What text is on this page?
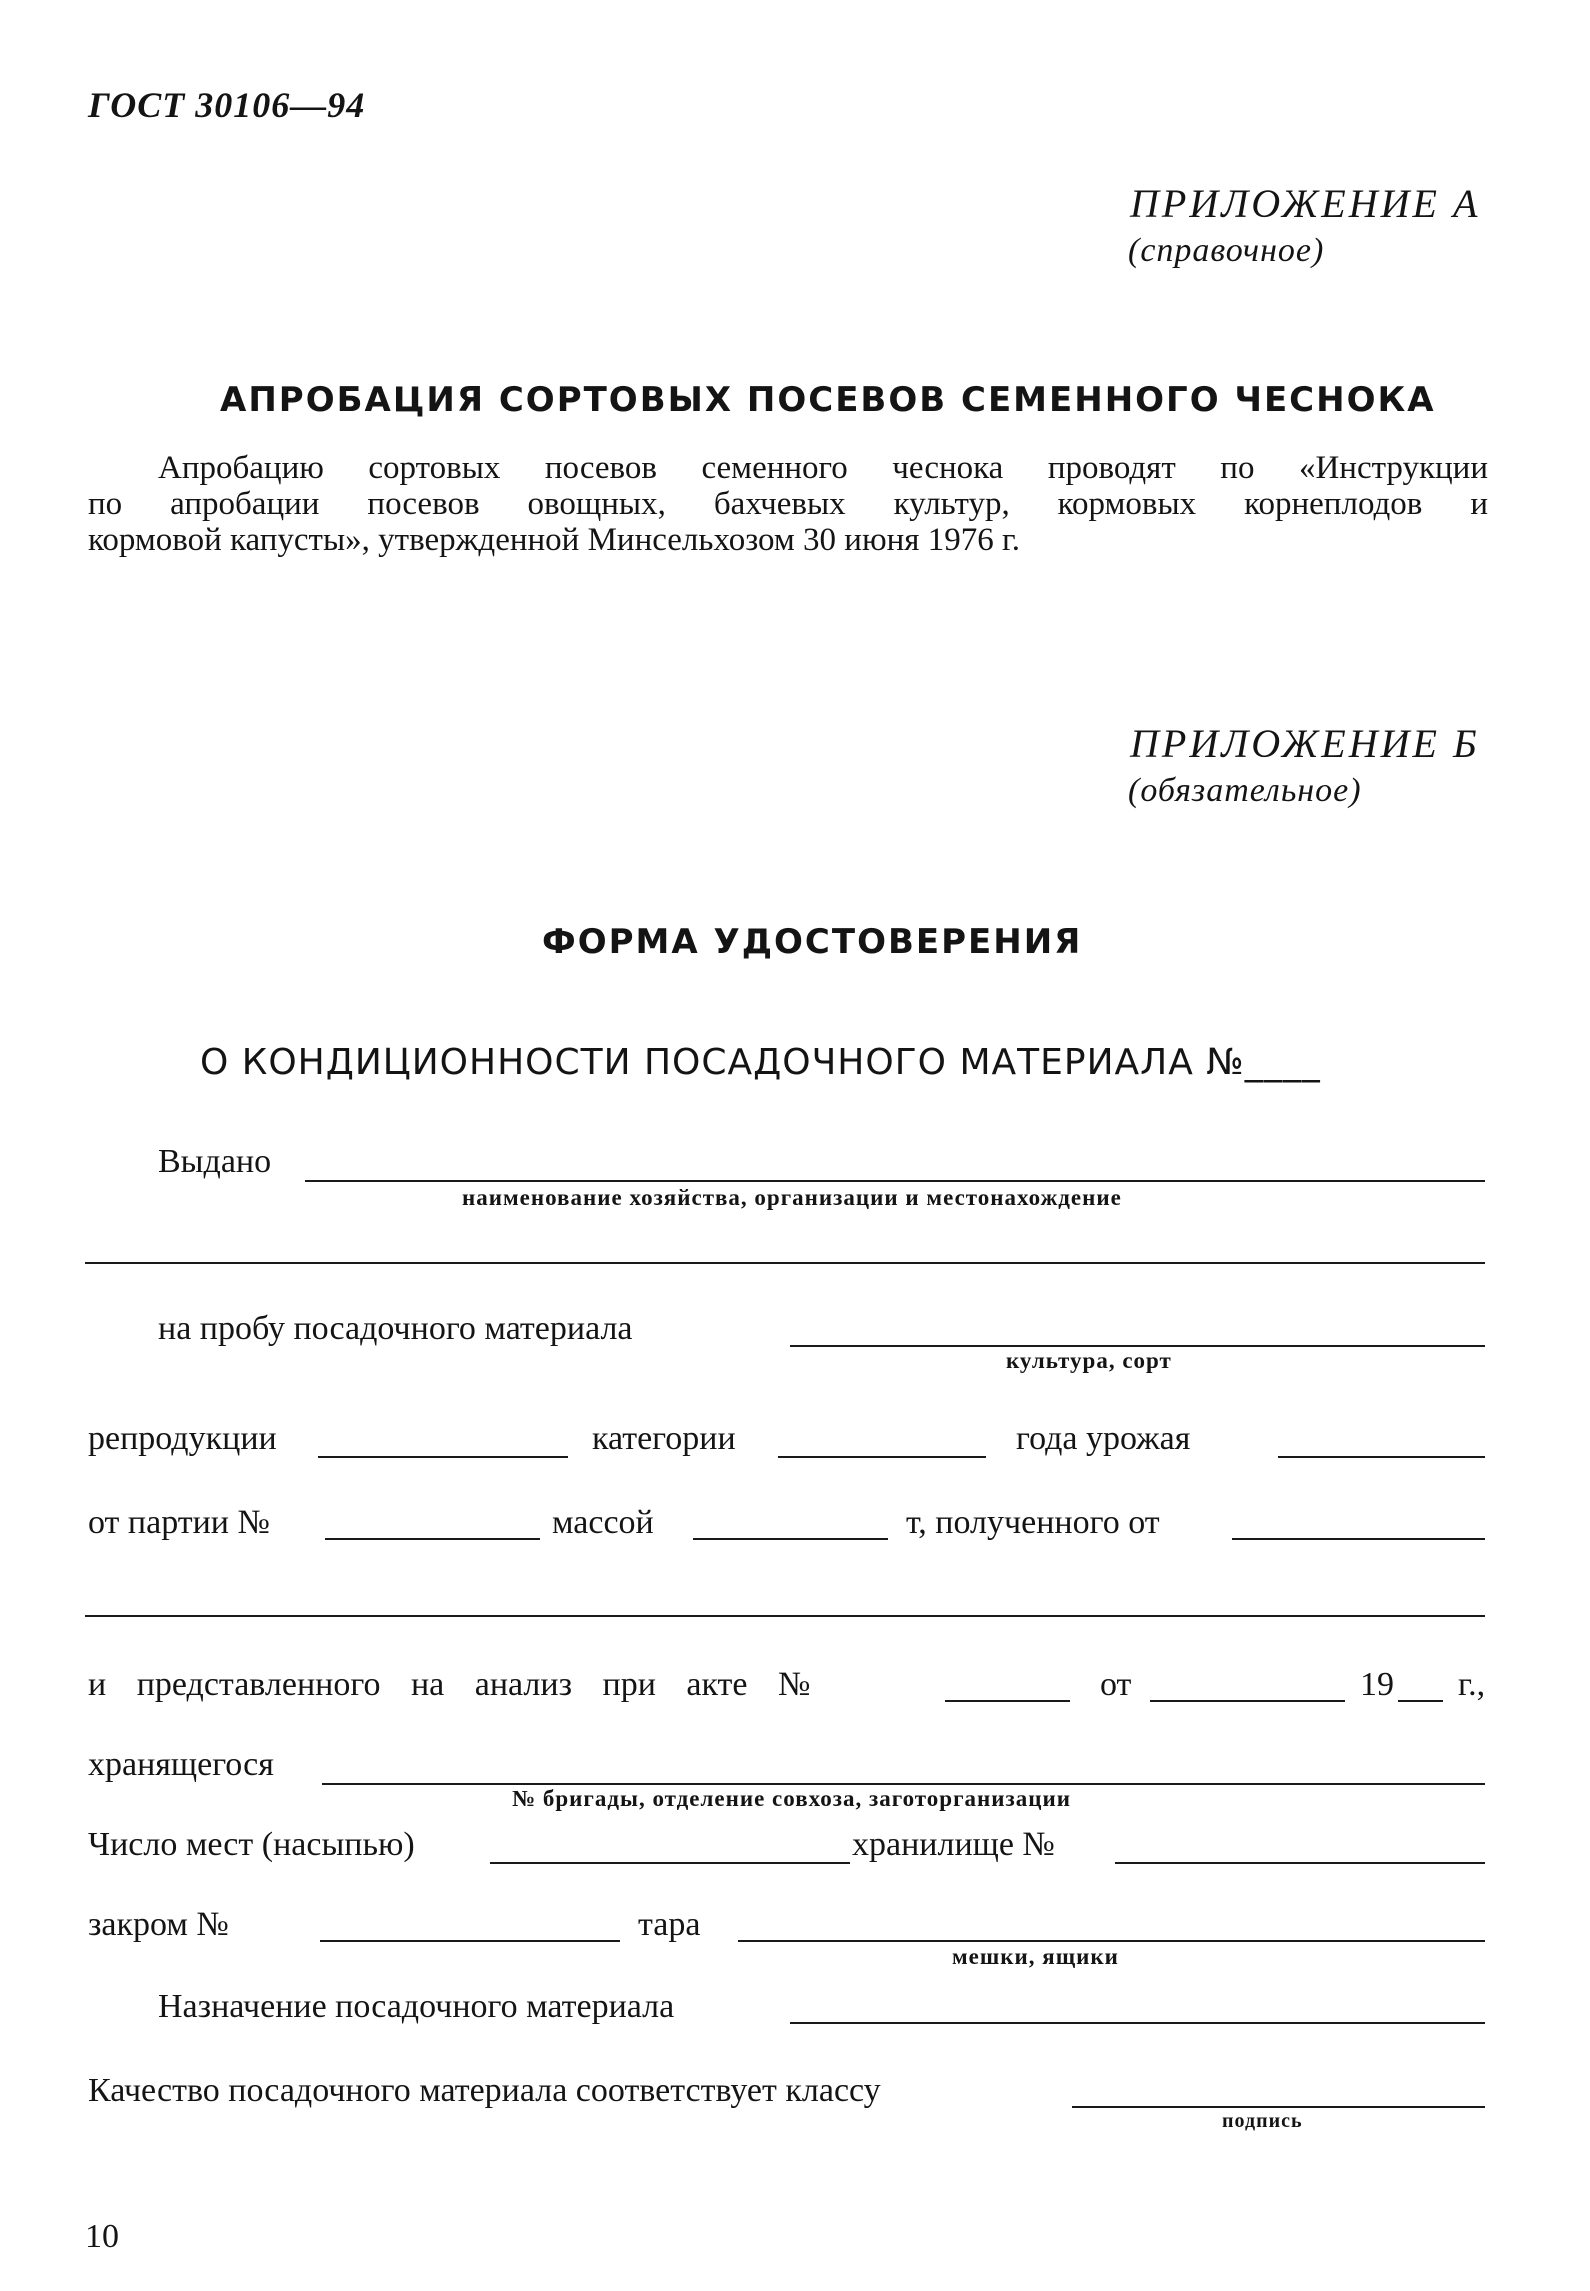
ГОСТ 30106—94
ПРИЛОЖЕНИЕ А
(справочное)
АПРОБАЦИЯ СОРТОВЫХ ПОСЕВОВ СЕМЕННОГО ЧЕСНОКА

Апробацию сортовых посевов семенного чеснока проводят по «Инструкции

по апробации посевов овощных, бахчевых культур, кормовых корнеплодов и

кормовой капусты», утвержденной Минсельхозом 30 июня 1976 г.

ПРИЛОЖЕНИЕ Б
(обязательное)
ФОРМА УДОСТОВЕРЕНИЯ
О КОНДИЦИОННОСТИ ПОСАДОЧНОГО МАТЕРИАЛА №____
Выдано
наименование хозяйства, организации и местонахождение
на пробу посадочного материала
культура, сорт
репродукции	категории	года урожая
от партии №	массой	т, полученного от
и представленного на анализ при акте №	от	19 г.,
хранящегося
№ бригады, отделение совхоза, заготорганизации
Число мест (насыпью)	хранилище №
закром №	тара
мешки, ящики
Назначение посадочного материала
Качество посадочного материала соответствует классу
подпись
10
